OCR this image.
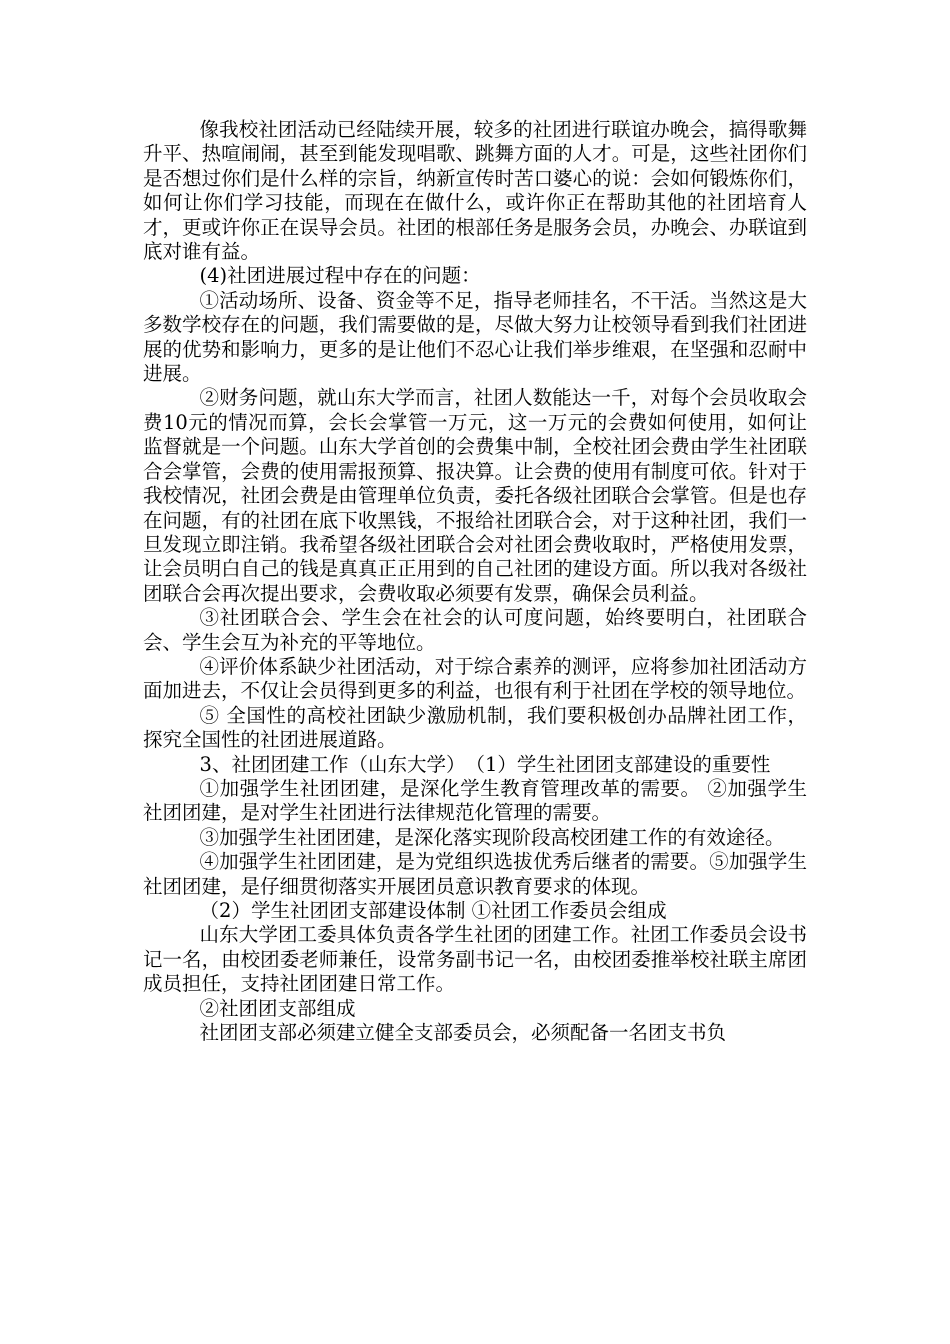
像我校社团活动已经陆续开展，较多的社团进行联谊办晚会，搞得歌舞升平、热喧闹闹，甚至到能发现唱歌、跳舞方面的人才。可是，这些社团你们是否想过你们是什么样的宗旨，纳新宣传时苦口婆心的说：会如何锻炼你们，如何让你们学习技能，而现在在做什么，或许你正在帮助其他的社团培育人才，更或许你正在误导会员。社团的根部任务是服务会员，办晚会、办联谊到底对谁有益。

(4)社团进展过程中存在的问题：

①活动场所、设备、资金等不足，指导老师挂名，不干活。当然这是大多数学校存在的问题，我们需要做的是，尽做大努力让校领导看到我们社团进展的优势和影响力，更多的是让他们不忍心让我们举步维艰，在坚强和忍耐中进展。

②财务问题，就山东大学而言，社团人数能达一千，对每个会员收取会费10元的情况而算，会长会掌管一万元，这一万元的会费如何使用，如何让监督就是一个问题。山东大学首创的会费集中制，全校社团会费由学生社团联合会掌管，会费的使用需报预算、报决算。让会费的使用有制度可依。针对于我校情况，社团会费是由管理单位负责，委托各级社团联合会掌管。但是也存在问题，有的社团在底下收黑钱，不报给社团联合会，对于这种社团，我们一旦发现立即注销。我希望各级社团联合会对社团会费收取时，严格使用发票，让会员明白自己的钱是真真正正用到的自己社团的建设方面。所以我对各级社团联合会再次提出要求，会费收取必须要有发票，确保会员利益。

③社团联合会、学生会在社会的认可度问题，始终要明白，社团联合会、学生会互为补充的平等地位。

④评价体系缺少社团活动，对于综合素养的测评，应将参加社团活动方面加进去，不仅让会员得到更多的利益，也很有利于社团在学校的领导地位。

⑤ 全国性的高校社团缺少激励机制，我们要积极创办品牌社团工作，探究全国性的社团进展道路。

3、社团团建工作（山东大学）　（1）学生社团团支部建设的重要性

①加强学生社团团建，是深化学生教育管理改革的需要。 ②加强学生社团团建，是对学生社团进行法律规范化管理的需要。

③加强学生社团团建，是深化落实现阶段高校团建工作的有效途径。

④加强学生社团团建，是为党组织选拔优秀后继者的需要。⑤加强学生社团团建，是仔细贯彻落实开展团员意识教育要求的体现。

（2）学生社团团支部建设体制 ①社团工作委员会组成

山东大学团工委具体负责各学生社团的团建工作。社团工作委员会设书记一名，由校团委老师兼任，设常务副书记一名，由校团委推举校社联主席团成员担任，支持社团团建日常工作。

②社团团支部组成

社团团支部必须建立健全支部委员会，必须配备一名团支书负
